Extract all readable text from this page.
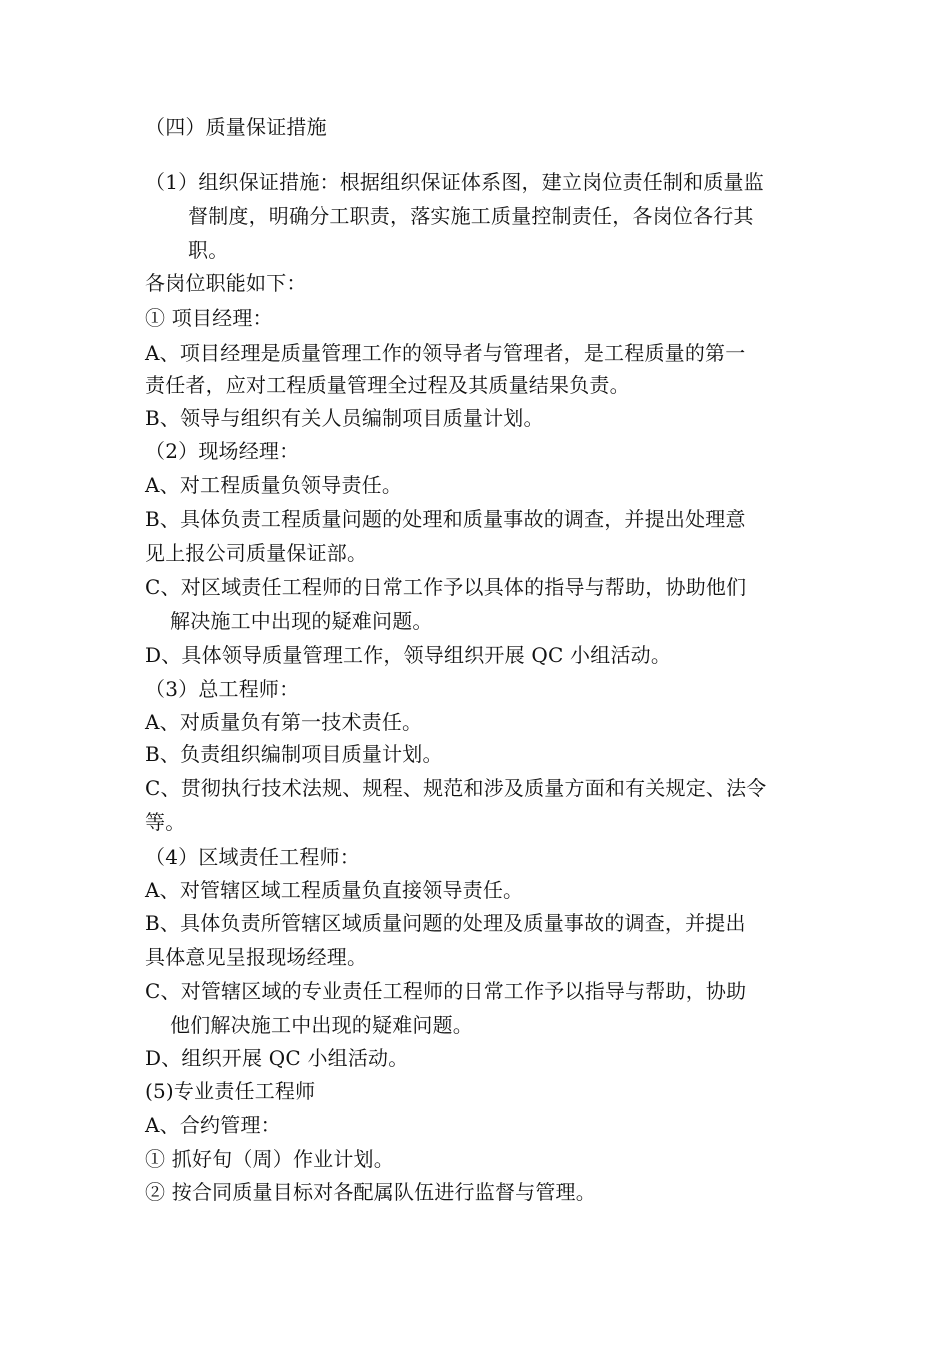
（四）质量保证措施
（1）组织保证措施：根据组织保证体系图，建立岗位责任制和质量监
督制度，明确分工职责，落实施工质量控制责任，各岗位各行其
职。
各岗位职能如下：
① 项目经理：
A、项目经理是质量管理工作的领导者与管理者，是工程质量的第一
责任者，应对工程质量管理全过程及其质量结果负责。
B、领导与组织有关人员编制项目质量计划。
（2）现场经理：
A、对工程质量负领导责任。
B、具体负责工程质量问题的处理和质量事故的调查，并提出处理意
见上报公司质量保证部。
C、对区域责任工程师的日常工作予以具体的指导与帮助，协助他们
解决施工中出现的疑难问题。
D、具体领导质量管理工作，领导组织开展 QC 小组活动。
（3）总工程师：
A、对质量负有第一技术责任。
B、负责组织编制项目质量计划。
C、贯彻执行技术法规、规程、规范和涉及质量方面和有关规定、法令
等。
（4）区域责任工程师：
A、对管辖区域工程质量负直接领导责任。
B、具体负责所管辖区域质量问题的处理及质量事故的调查，并提出
具体意见呈报现场经理。
C、对管辖区域的专业责任工程师的日常工作予以指导与帮助，协助
他们解决施工中出现的疑难问题。
D、组织开展 QC 小组活动。
(5)专业责任工程师
A、合约管理：
① 抓好旬（周）作业计划。
② 按合同质量目标对各配属队伍进行监督与管理。
